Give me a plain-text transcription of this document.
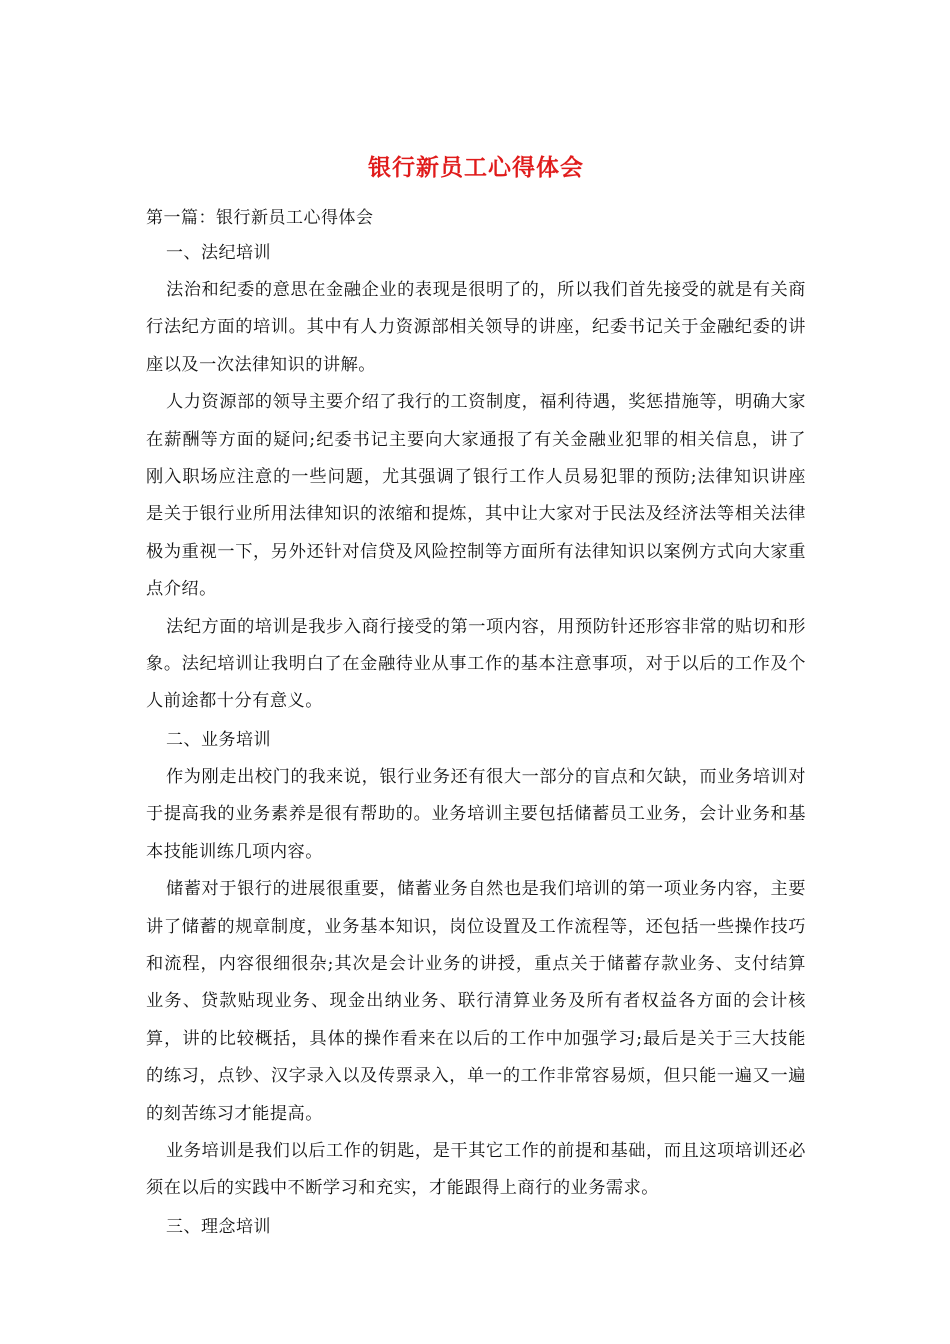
银行新员工心得体会

第一篇：银行新员工心得体会

一、法纪培训

法治和纪委的意思在金融企业的表现是很明了的，所以我们首先接受的就是有关商行法纪方面的培训。其中有人力资源部相关领导的讲座，纪委书记关于金融纪委的讲座以及一次法律知识的讲解。

人力资源部的领导主要介绍了我行的工资制度，福利待遇，奖惩措施等，明确大家在薪酬等方面的疑问;纪委书记主要向大家通报了有关金融业犯罪的相关信息，讲了刚入职场应注意的一些问题，尤其强调了银行工作人员易犯罪的预防;法律知识讲座是关于银行业所用法律知识的浓缩和提炼，其中让大家对于民法及经济法等相关法律极为重视一下，另外还针对信贷及风险控制等方面所有法律知识以案例方式向大家重点介绍。

法纪方面的培训是我步入商行接受的第一项内容，用预防针还形容非常的贴切和形象。法纪培训让我明白了在金融待业从事工作的基本注意事项，对于以后的工作及个人前途都十分有意义。

二、业务培训

作为刚走出校门的我来说，银行业务还有很大一部分的盲点和欠缺，而业务培训对于提高我的业务素养是很有帮助的。业务培训主要包括储蓄员工业务，会计业务和基本技能训练几项内容。

储蓄对于银行的进展很重要，储蓄业务自然也是我们培训的第一项业务内容，主要讲了储蓄的规章制度，业务基本知识，岗位设置及工作流程等，还包括一些操作技巧和流程，内容很细很杂;其次是会计业务的讲授，重点关于储蓄存款业务、支付结算业务、贷款贴现业务、现金出纳业务、联行清算业务及所有者权益各方面的会计核算，讲的比较概括，具体的操作看来在以后的工作中加强学习;最后是关于三大技能的练习，点钞、汉字录入以及传票录入，单一的工作非常容易烦，但只能一遍又一遍的刻苦练习才能提高。

业务培训是我们以后工作的钥匙，是干其它工作的前提和基础，而且这项培训还必须在以后的实践中不断学习和充实，才能跟得上商行的业务需求。

三、理念培训
